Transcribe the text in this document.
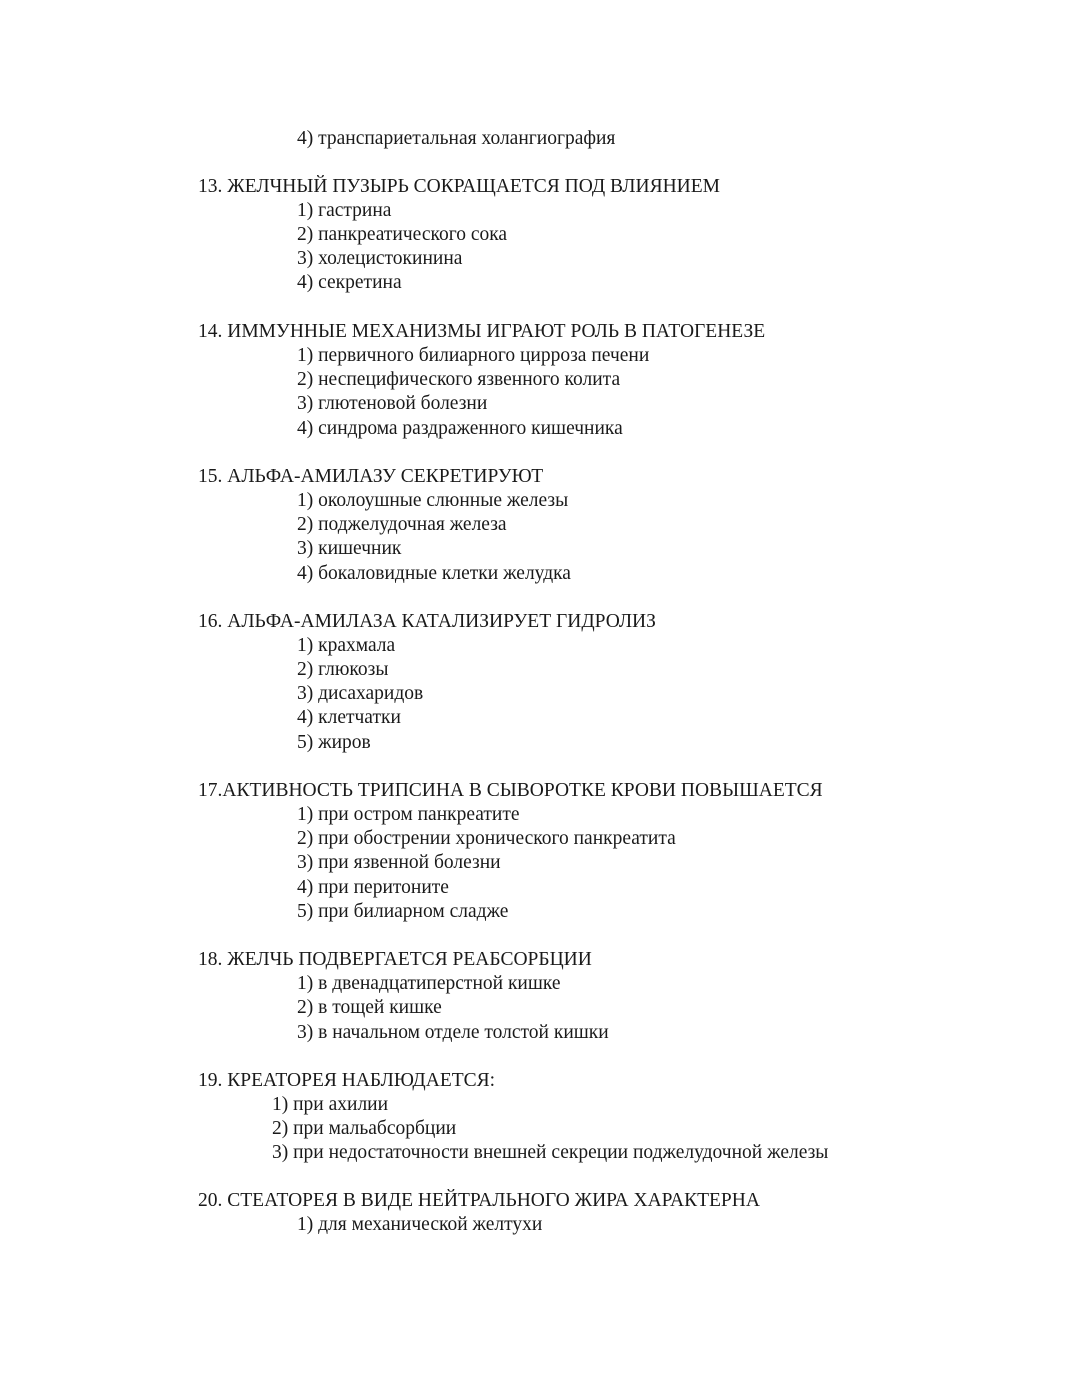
4) транспариетальная холангиография
13. ЖЕЛЧНЫЙ ПУЗЫРЬ СОКРАЩАЕТСЯ ПОД ВЛИЯНИЕМ
1) гастрина
2) панкреатического сока
3) холецистокинина
4) секретина
14. ИММУННЫЕ МЕХАНИЗМЫ ИГРАЮТ РОЛЬ В ПАТОГЕНЕЗЕ
1) первичного билиарного цирроза печени
2) неспецифического язвенного колита
3) глютеновой болезни
4) синдрома раздраженного кишечника
15. АЛЬФА-АМИЛАЗУ СЕКРЕТИРУЮТ
1) околоушные слюнные железы
2) поджелудочная железа
3) кишечник
4) бокаловидные клетки желудка
16. АЛЬФА-АМИЛАЗА КАТАЛИЗИРУЕТ ГИДРОЛИЗ
1) крахмала
2) глюкозы
3) дисахаридов
4) клетчатки
5) жиров
17.АКТИВНОСТЬ ТРИПСИНА В СЫВОРОТКЕ КРОВИ ПОВЫШАЕТСЯ
1) при остром панкреатите
2) при обострении хронического панкреатита
3) при язвенной болезни
4) при перитоните
5) при билиарном сладже
18. ЖЕЛЧЬ ПОДВЕРГАЕТСЯ РЕАБСОРБЦИИ
1) в двенадцатиперстной кишке
2) в тощей кишке
3) в начальном отделе толстой кишки
19. КРЕАТОРЕЯ НАБЛЮДАЕТСЯ:
1) при ахилии
2) при мальабсорбции
3) при недостаточности внешней секреции поджелудочной железы
20. СТЕАТОРЕЯ В ВИДЕ НЕЙТРАЛЬНОГО ЖИРА ХАРАКТЕРНА
1) для механической желтухи
